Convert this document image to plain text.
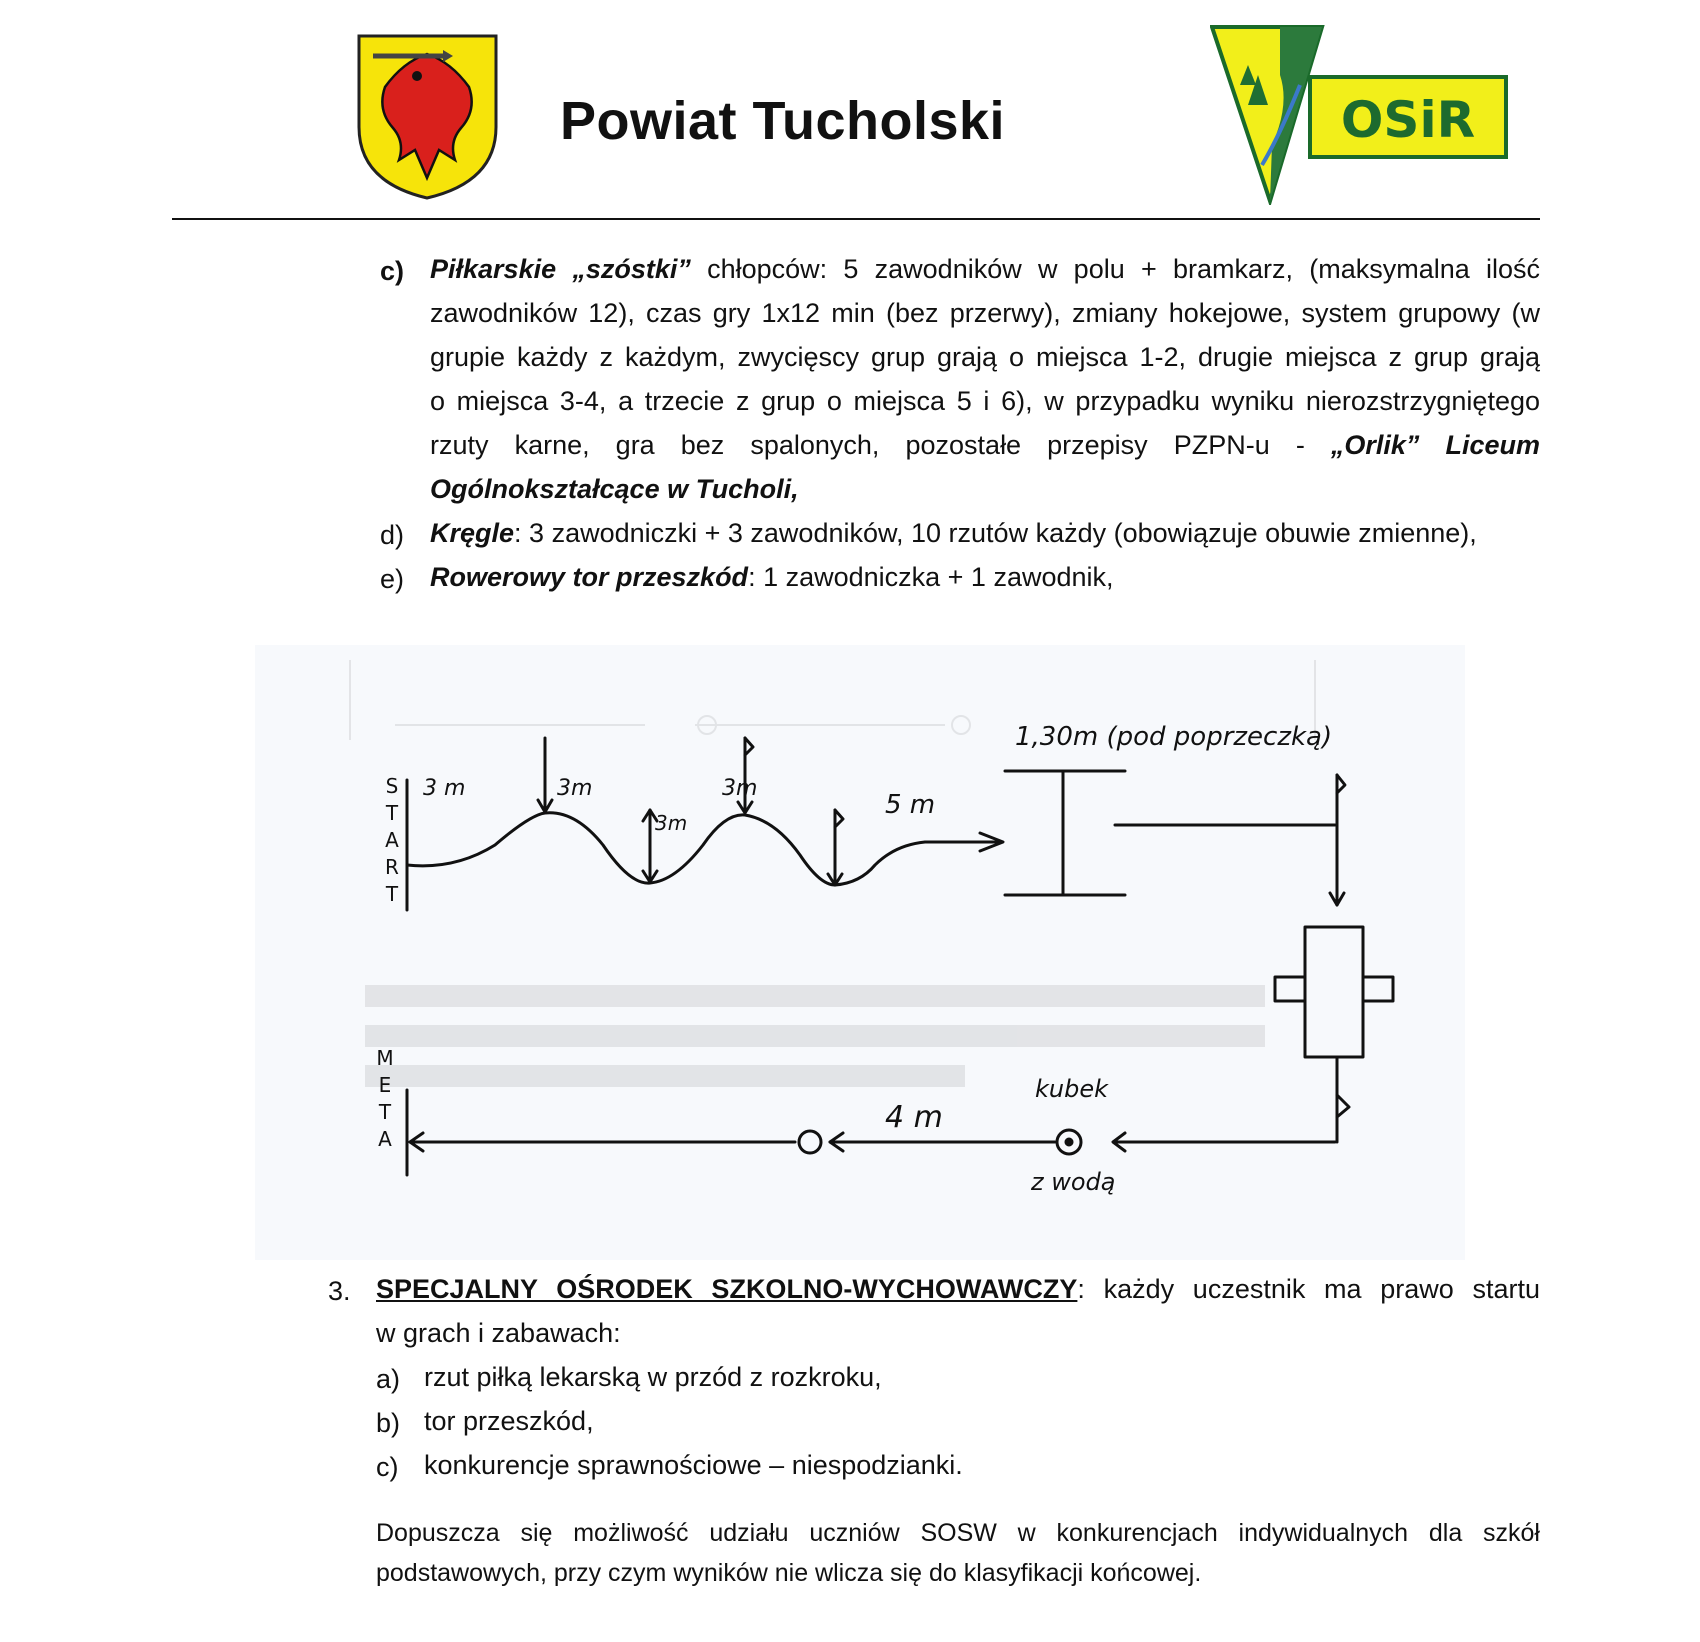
Powiat Tucholski	OSiR
c) Piłkarskie „szóstki” chłopców: 5 zawodników w polu + bramkarz, (maksymalna ilość
zawodników 12), czas gry 1x12 min (bez przerwy), zmiany hokejowe, system grupowy (w
grupie każdy z każdym, zwycięscy grup grają o miejsca 1-2, drugie miejsca z grup grają
o miejsca 3-4, a trzecie z grup o miejsca 5 i 6), w przypadku wyniku nierozstrzygniętego
rzuty karne, gra bez spalonych, pozostałe przepisy PZPN-u - „Orlik” Liceum
Ogólnokształcące w Tucholi,
d) Kręgle: 3 zawodniczki + 3 zawodników, 10 rzutów każdy (obowiązuje obuwie zmienne),
e) Rowerowy tor przeszkód: 1 zawodniczka + 1 zawodnik,
S
T
A
R
T
M
E
T
A
3 m	3m
3m
3m
5 m
1,30m (pod poprzeczką)
4 m
kubek
z wodą
3. SPECJALNY OŚRODEK SZKOLNO-WYCHOWAWCZY: każdy uczestnik ma prawo startu
w grach i zabawach:
a) rzut piłką lekarską w przód z rozkroku,
b) tor przeszkód,
c) konkurencje sprawnościowe – niespodzianki.
Dopuszcza się możliwość udziału uczniów SOSW w konkurencjach indywidualnych dla szkół
podstawowych, przy czym wyników nie wlicza się do klasyfikacji końcowej.
